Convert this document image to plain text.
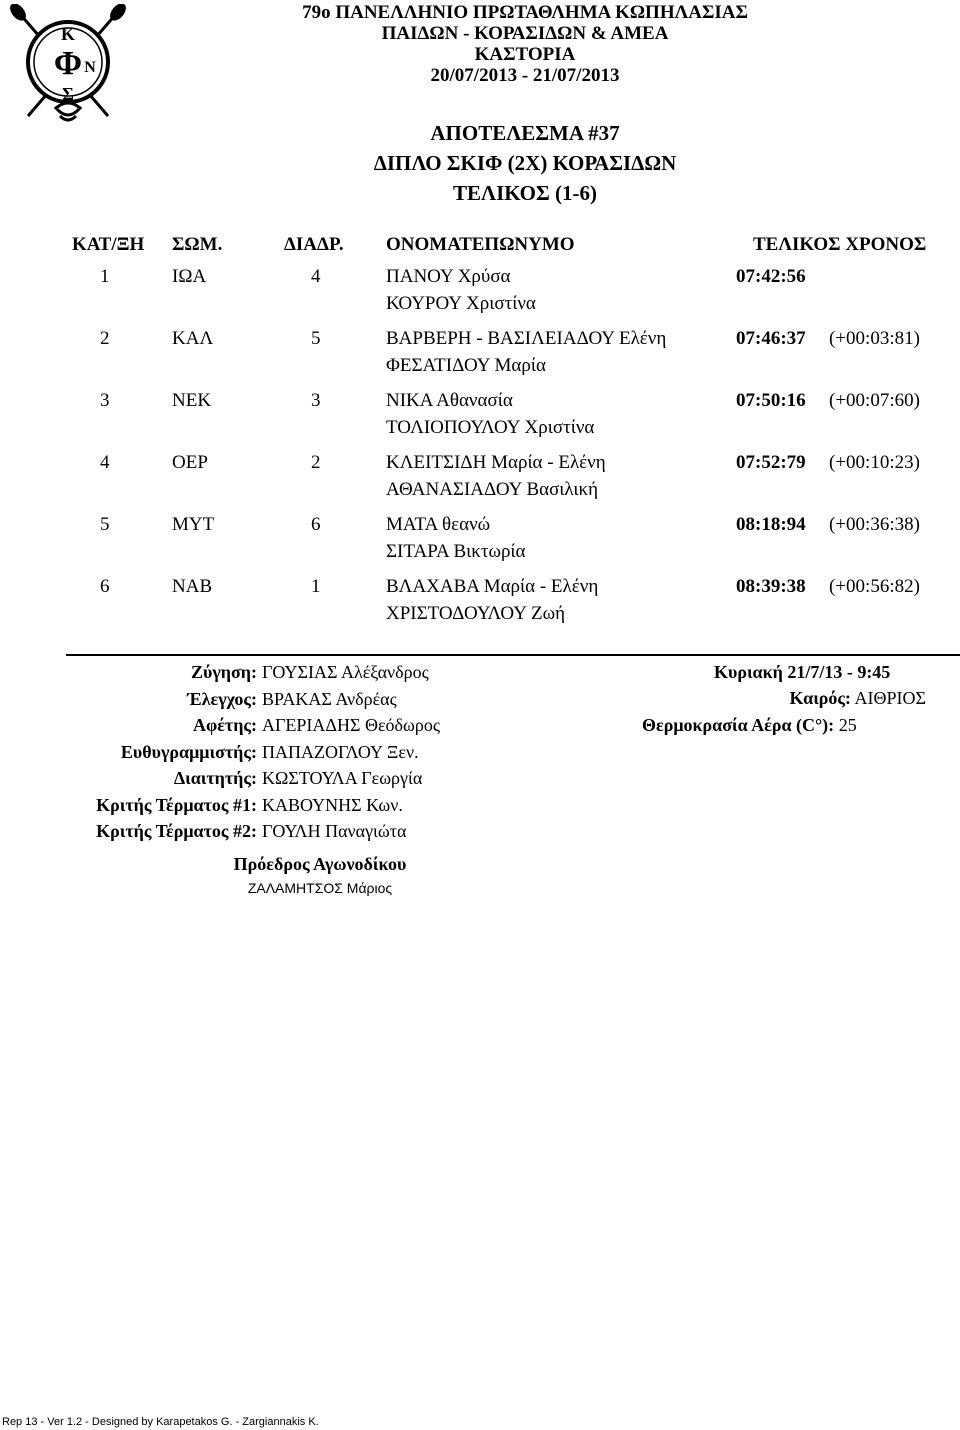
Κ
Φ Ν
Σ
79ο ΠΑΝΕΛΛΗΝΙΟ ΠΡΩΤΑΘΛΗΜΑ ΚΩΠΗΛΑΣΙΑΣ
ΠΑΙΔΩΝ - ΚΟΡΑΣΙΔΩΝ & ΑΜΕΑ
ΚΑΣΤΟΡΙΑ
20/07/2013 - 21/07/2013
ΑΠΟΤΕΛΕΣΜΑ #37
ΔΙΠΛΟ ΣΚΙΦ (2Χ) ΚΟΡΑΣΙΔΩΝ
ΤΕΛΙΚΟΣ (1-6)
ΚΑΤ/ΞΗ ΣΩΜ.	ΔΙΑΔΡ. ΟΝΟΜΑΤΕΠΩΝΥΜΟ	ΤΕΛΙΚΟΣ ΧΡΟΝΟΣ
1	ΙΩΑ	4	ΠΑΝΟΥ Χρύσα
ΚΟΥΡΟΥ Χριστίνα
07:42:56
2	ΚΑΛ	5	ΒΑΡΒΕΡΗ - ΒΑΣΙΛΕΙΑΔΟΥ Ελένη
ΦΕΣΑΤΙΔΟΥ Μαρία
07:46:37 (+00:03:81)
3	ΝΕΚ	3	ΝΙΚΑ Αθανασία
ΤΟΛΙΟΠΟΥΛΟΥ Χριστίνα
07:50:16 (+00:07:60)
4	ΟΕΡ	2	ΚΛΕΙΤΣΙΔΗ Μαρία - Ελένη
ΑΘΑΝΑΣΙΑΔΟΥ Βασιλική
07:52:79 (+00:10:23)
5	ΜΥΤ	6	ΜΑΤΑ θεανώ
ΣΙΤΑΡΑ Βικτωρία
08:18:94 (+00:36:38)
6	ΝΑΒ	1	ΒΛΑΧΑΒΑ Μαρία - Ελένη
ΧΡΙΣΤΟΔΟΥΛΟΥ Ζωή
08:39:38 (+00:56:82)
Ζύγηση: ΓΟΥΣΙΑΣ Αλέξανδρος
Έλεγχος: ΒΡΑΚΑΣ Ανδρέας
Αφέτης: ΑΓΕΡΙΑΔΗΣ Θεόδωρος
Ευθυγραμμιστής: ΠΑΠΑΖΟΓΛΟΥ Ξεν.
Διαιτητής: ΚΩΣΤΟΥΛΑ Γεωργία
Κριτής Τέρματος #1: ΚΑΒΟΥΝΗΣ Κων.
Κριτής Τέρματος #2: ΓΟΥΛΗ Παναγιώτα
Κυριακή 21/7/13 - 9:45
Καιρός: ΑΙΘΡΙΟΣ
Θερμοκρασία Αέρα (C°): 25
Πρόεδρος Αγωνοδίκου
ΖΑΛΑΜΗΤΣΟΣ Μάριος
Rep 13 - Ver 1.2 - Designed by Karapetakos G. - Zargiannakis K.
